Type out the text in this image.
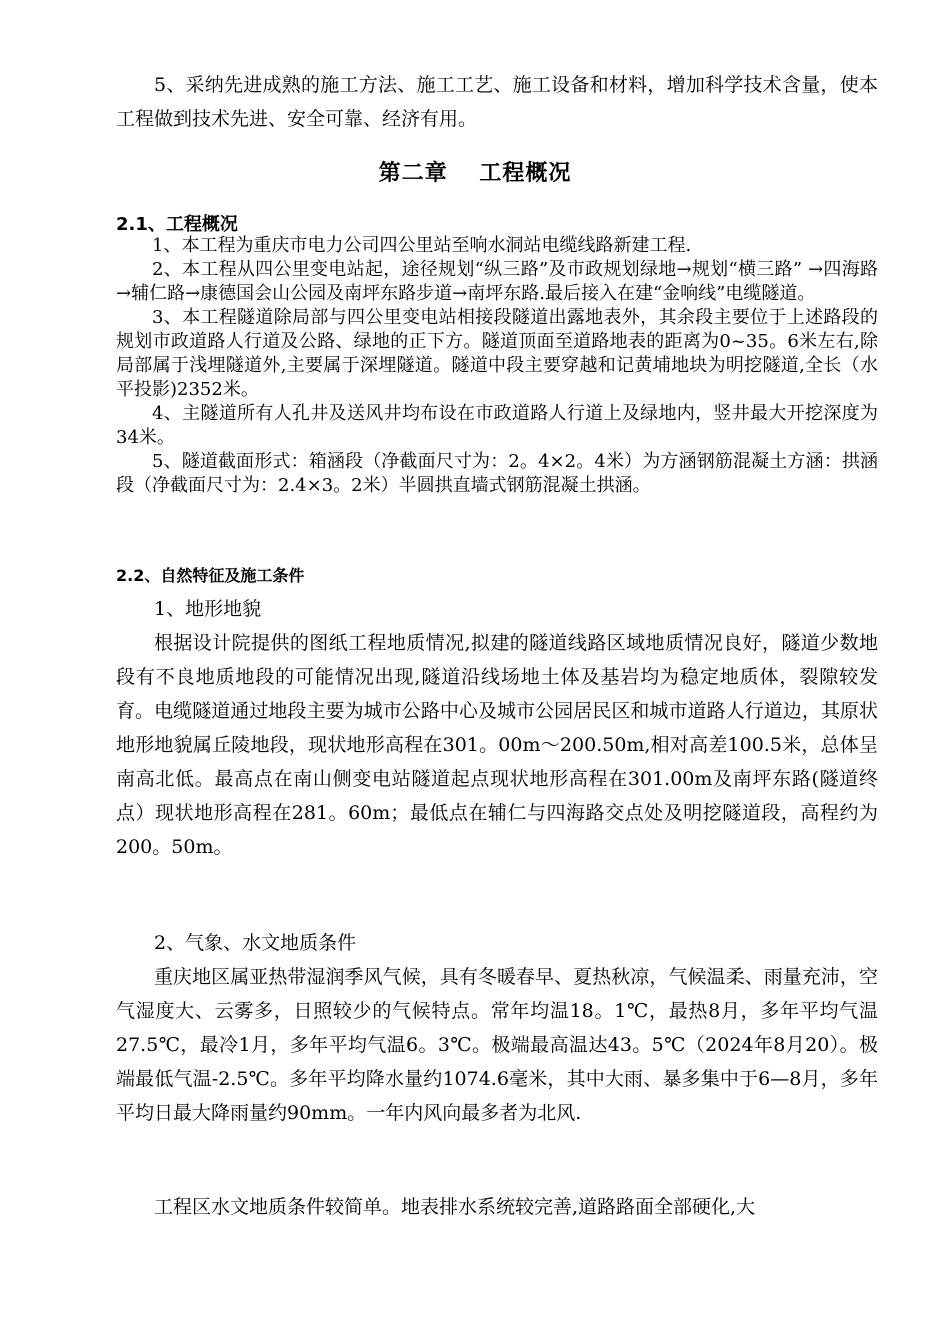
5、采纳先进成熟的施工方法、施工工艺、施工设备和材料，增加科学技术含量，使本工程做到技术先进、安全可靠、经济有用。

第二章　 工程概况
2.1、工程概况

1、本工程为重庆市电力公司四公里站至响水洞站电缆线路新建工程.

2、本工程从四公里变电站起，途径规划“纵三路”及市政规划绿地→规划“横三路” →四海路→辅仁路→康德国会山公园及南坪东路步道→南坪东路.最后接入在建“金响线”电缆隧道。

3、本工程隧道除局部与四公里变电站相接段隧道出露地表外，其余段主要位于上述路段的规划市政道路人行道及公路、绿地的正下方。隧道顶面至道路地表的距离为0~35。6米左右,除局部属于浅埋隧道外,主要属于深埋隧道。隧道中段主要穿越和记黄埔地块为明挖隧道,全长（水平投影)2352米。

4、主隧道所有人孔井及送风井均布设在市政道路人行道上及绿地内，竖井最大开挖深度为34米。

5、隧道截面形式：箱涵段（净截面尺寸为：2。4×2。4米）为方涵钢筋混凝土方涵：拱涵段（净截面尺寸为：2.4×3。2米）半圆拱直墙式钢筋混凝土拱涵。

2.2、自然特征及施工条件
1、地形地貌

根据设计院提供的图纸工程地质情况,拟建的隧道线路区域地质情况良好，隧道少数地段有不良地质地段的可能情况出现,隧道沿线场地土体及基岩均为稳定地质体，裂隙较发育。电缆隧道通过地段主要为城市公路中心及城市公园居民区和城市道路人行道边，其原状地形地貌属丘陵地段，现状地形高程在301。00m～200.50m,相对高差100.5米，总体呈南高北低。最高点在南山侧变电站隧道起点现状地形高程在301.00m及南坪东路(隧道终点）现状地形高程在281。60m；最低点在辅仁与四海路交点处及明挖隧道段，高程约为200。50m。

2、气象、水文地质条件

重庆地区属亚热带湿润季风气候，具有冬暖春早、夏热秋凉，气候温柔、雨量充沛，空气湿度大、云雾多，日照较少的气候特点。常年均温18。1℃，最热8月，多年平均气温27.5℃，最冷1月，多年平均气温6。3℃。极端最高温达43。5℃（2024年8月20）。极端最低气温-2.5℃。多年平均降水量约1074.6毫米，其中大雨、暴多集中于6—8月，多年平均日最大降雨量约90mm。一年内风向最多者为北风.

工程区水文地质条件较简单。地表排水系统较完善,道路路面全部硬化,大
